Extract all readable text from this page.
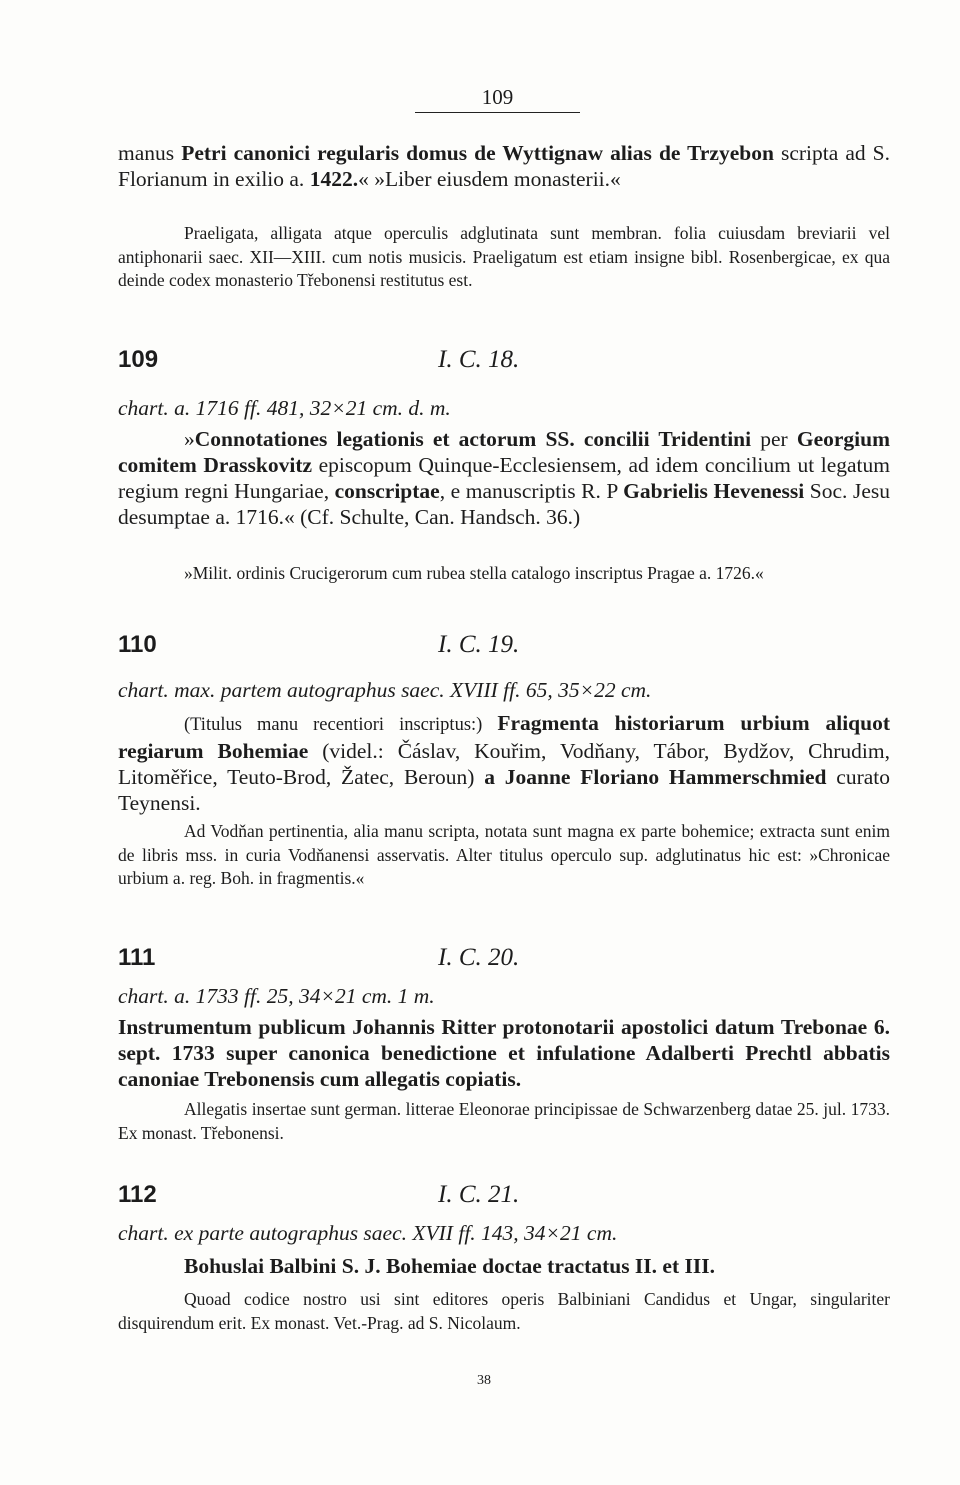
109
manus Petri canonici regularis domus de Wyttignaw alias de Trzyebon scripta ad S. Florianum in exilio a. 1422.« »Liber eiusdem monasterii.«
Praeligata, alligata atque operculis adglutinata sunt membran. folia cuiusdam breviarii vel antiphonarii saec. XII—XIII. cum notis musicis. Praeligatum est etiam insigne bibl. Rosenbergicae, ex qua deinde codex monasterio Třebonensi restitutus est.
109	I. C. 18.
chart. a. 1716 ff. 481, 32×21 cm. d. m.
»Connotationes legationis et actorum SS. concilii Tridentini per Georgium comitem Drasskovitz episcopum Quinque-Ecclesiensem, ad idem concilium ut legatum regium regni Hungariae, conscriptae, e manuscriptis R. P Gabrielis Hevenessi Soc. Jesu desumptae a. 1716.« (Cf. Schulte, Can. Handsch. 36.)
»Milit. ordinis Crucigerorum cum rubea stella catalogo inscriptus Pragae a. 1726.«
110	I. C. 19.
chart. max. partem autographus saec. XVIII ff. 65, 35×22 cm.
(Titulus manu recentiori inscriptus:) Fragmenta historiarum urbium aliquot regiarum Bohemiae (videl.: Čáslav, Kouřim, Vodňany, Tábor, Bydžov, Chrudim, Litoměřice, Teuto-Brod, Žatec, Beroun) a Joanne Floriano Hammerschmied curato Teynensi.
Ad Vodňan pertinentia, alia manu scripta, notata sunt magna ex parte bohemice; extracta sunt enim de libris mss. in curia Vodňanensi asservatis. Alter titulus operculo sup. adglutinatus hic est: »Chronicae urbium a. reg. Boh. in fragmentis.«
111	I. C. 20.
chart. a. 1733 ff. 25, 34×21 cm. 1 m.
Instrumentum publicum Johannis Ritter protonotarii apostolici datum Trebonae 6. sept. 1733 super canonica benedictione et infulatione Adalberti Prechtl abbatis canoniae Trebonensis cum allegatis copiatis.
Allegatis insertae sunt german. litterae Eleonorae principissae de Schwarzenberg datae 25. jul. 1733. Ex monast. Třebonensi.
112	I. C. 21.
chart. ex parte autographus saec. XVII ff. 143, 34×21 cm.
Bohuslai Balbini S. J. Bohemiae doctae tractatus II. et III.
Quoad codice nostro usi sint editores operis Balbiniani Candidus et Ungar, singulariter disquirendum erit. Ex monast. Vet.-Prag. ad S. Nicolaum.
38
